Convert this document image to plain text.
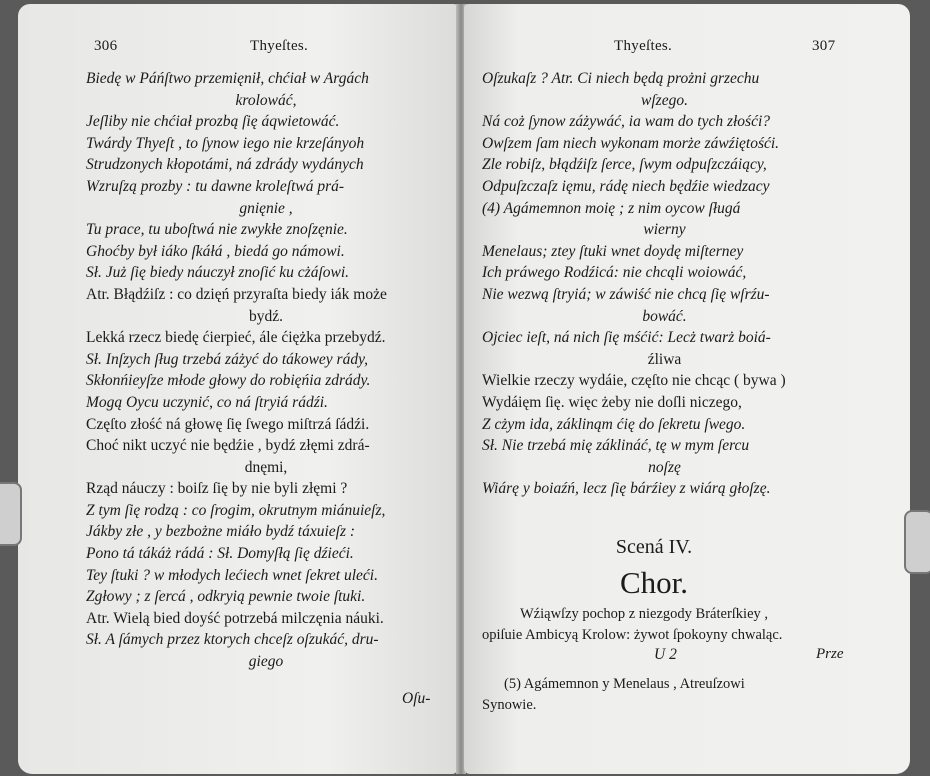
306	Thyeſtes.
Biedę w Páńſtwo przemięnił, chćiał w Argách
krolowáć,
Jeſliby nie chćiał prozbą ſię áqwietowáć.
Twárdy Thyeſt , to ſynow iego nie krzeſányoh
Strudzonych kłopotámi, ná zdrády wydánych
Wzruſzą prozby : tu dawne kroleſtwá prá-
gnięnie ,
Tu prace, tu uboſtwá nie zwykłe znoſzęnie.
Ghoćby był iáko ſkáłá , biedá go námowi.
Sł. Już ſię biedy náuczył znoſić ku cżáſowi.
Atr. Błądźiſz : co dzięń przyraſta biedy iák może
bydź.
Lekká rzecz biedę ćierpieć, ále ćiężka przebydź.
Sł. Inſzych ſług trzebá záżyć do tákowey rády,
Skłonńieyſze młode głowy do robięńia zdrády.
Mogą Oycu uczynić, co ná ſtryiá rádźi.
Częſto złość ná głowę ſię ſwego miſtrzá ſádźi.
Choć nikt uczyć nie będźie , bydź złęmi zdrá-
dnęmi,
Rząd náuczy : boiſz ſię by nie byli złęmi ?
Z tym ſię rodzą : co ſrogim, okrutnym miánuieſz,
Jákby złe , y bezbożne miáło bydź táxuieſz :
Pono tá tákáż rádá : Sł. Domyſłą ſię dźieći.
Tey ſtuki ? w młodych lećiech wnet ſekret uleći.
Zgłowy ; z ſercá , odkryią pewnie twoie ſtuki.
Atr. Wielą bied doyść potrzebá milczęnia náuki.
Sł. A ſámych przez ktorych chceſz oſzukáć, dru-
giego
Oſu-
Thyeſtes.	307
Oſzukaſz ? Atr. Ci niech będą prożni grzechu
wſzego.
Ná coż ſynow záżywáć, ia wam do tych złośći?
Owſzem ſam niech wykonam morże záwźiętośći.
Zle robiſz, błądźiſz ſerce, ſwym odpuſzczáiący,
Odpuſzczaſz ięmu, rádę niech będźie wiedzacy
(4) Agámemnon moię ; z nim oycow ſługá
wierny
Menelaus; ztey ſtuki wnet doydę miſterney
Ich práwego Rodźicá: nie chcąli woiowáć,
Nie wezwą ſtryiá; w záwiść nie chcą ſię wſrźu-
bowáć.
Ojciec ieſt, ná nich ſię mśćić: Lecż twarż boiá-
źliwa
Wielkie rzeczy wydáie, częſto nie chcąc ( bywa )
Wydáięm ſię. więc żeby nie doſli niczego,
Z cżym ida, záklinąm ćię do ſekretu ſwego.
Sł. Nie trzebá mię záklináć, tę w mym ſercu
noſzę
Wiárę y boiaźń, lecz ſię bárźiey z wiárą głoſzę.
Scená IV.
Chor.
Wźiąwſzy pochop z niezgody Bráterſkiey ,
opiſuie Ambicyą Krolow: żywot ſpokoyny chwaląc.
U 2	Prze
(5) Agámemnon y Menelaus , Atreuſzowi
Synowie.
